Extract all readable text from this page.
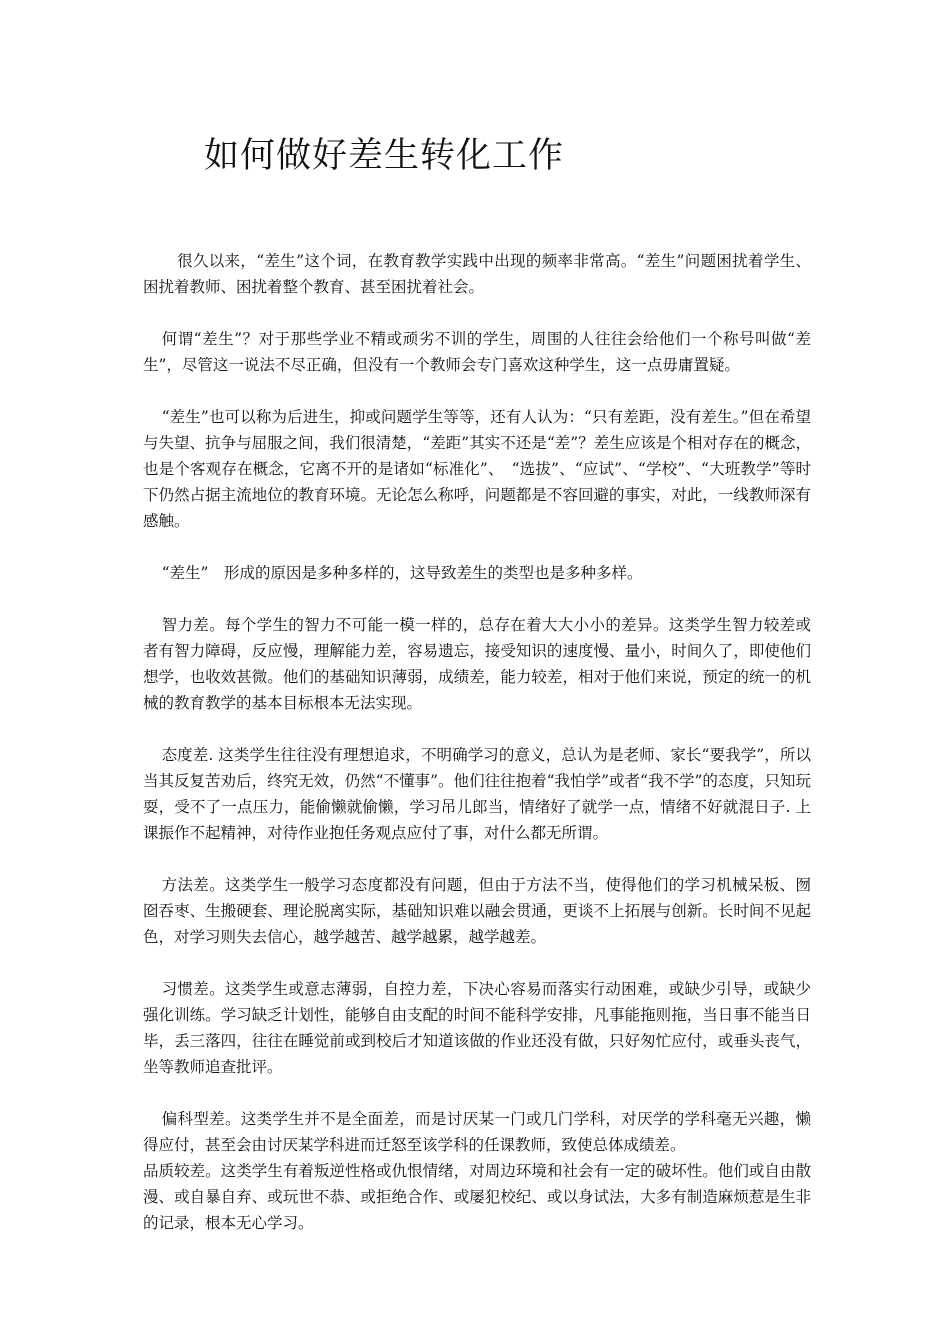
如何做好差生转化工作

很久以来，“差生”这个词，在教育教学实践中出现的频率非常高。“差生”问题困扰着学生、困扰着教师、困扰着整个教育、甚至困扰着社会。

何谓“差生”？对于那些学业不精或顽劣不训的学生，周围的人往往会给他们一个称号叫做“差生”，尽管这一说法不尽正确，但没有一个教师会专门喜欢这种学生，这一点毋庸置疑。

“差生”也可以称为后进生，抑或问题学生等等，还有人认为：“只有差距，没有差生。”但在希望与失望、抗争与屈服之间，我们很清楚，“差距”其实不还是“差”？差生应该是个相对存在的概念，也是个客观存在概念，它离不开的是诸如“标准化”、　“选拔”、“应试”、“学校”、“大班教学”等时下仍然占据主流地位的教育环境。无论怎么称呼，问题都是不容回避的事实，对此，一线教师深有感触。

“差生”　形成的原因是多种多样的，这导致差生的类型也是多种多样。

智力差。每个学生的智力不可能一模一样的，总存在着大大小小的差异。这类学生智力较差或者有智力障碍，反应慢，理解能力差，容易遗忘，接受知识的速度慢、量小，时间久了，即使他们想学，也收效甚微。他们的基础知识薄弱，成绩差，能力较差，相对于他们来说，预定的统一的机械的教育教学的基本目标根本无法实现。

态度差. 这类学生往往没有理想追求，不明确学习的意义，总认为是老师、家长“要我学”，所以当其反复苦劝后，终究无效，仍然“不懂事”。他们往往抱着“我怕学”或者“我不学”的态度，只知玩耍，受不了一点压力，能偷懒就偷懒，学习吊儿郎当，情绪好了就学一点，情绪不好就混日子. 上课振作不起精神，对待作业抱任务观点应付了事，对什么都无所谓。

方法差。这类学生一般学习态度都没有问题，但由于方法不当，使得他们的学习机械呆板、囫囵吞枣、生搬硬套、理论脱离实际，基础知识难以融会贯通，更谈不上拓展与创新。长时间不见起色，对学习则失去信心，越学越苦、越学越累，越学越差。

习惯差。这类学生或意志薄弱，自控力差，下决心容易而落实行动困难，或缺少引导，或缺少强化训练。学习缺乏计划性，能够自由支配的时间不能科学安排，凡事能拖则拖，当日事不能当日毕，丢三落四，往往在睡觉前或到校后才知道该做的作业还没有做，只好匆忙应付，或垂头丧气，坐等教师追查批评。

偏科型差。这类学生并不是全面差，而是讨厌某一门或几门学科，对厌学的学科毫无兴趣，懒得应付，甚至会由讨厌某学科进而迁怒至该学科的任课教师，致使总体成绩差。

品质较差。这类学生有着叛逆性格或仇恨情绪，对周边环境和社会有一定的破坏性。他们或自由散漫、或自暴自弃、或玩世不恭、或拒绝合作、或屡犯校纪、或以身试法，大多有制造麻烦惹是生非的记录，根本无心学习。
